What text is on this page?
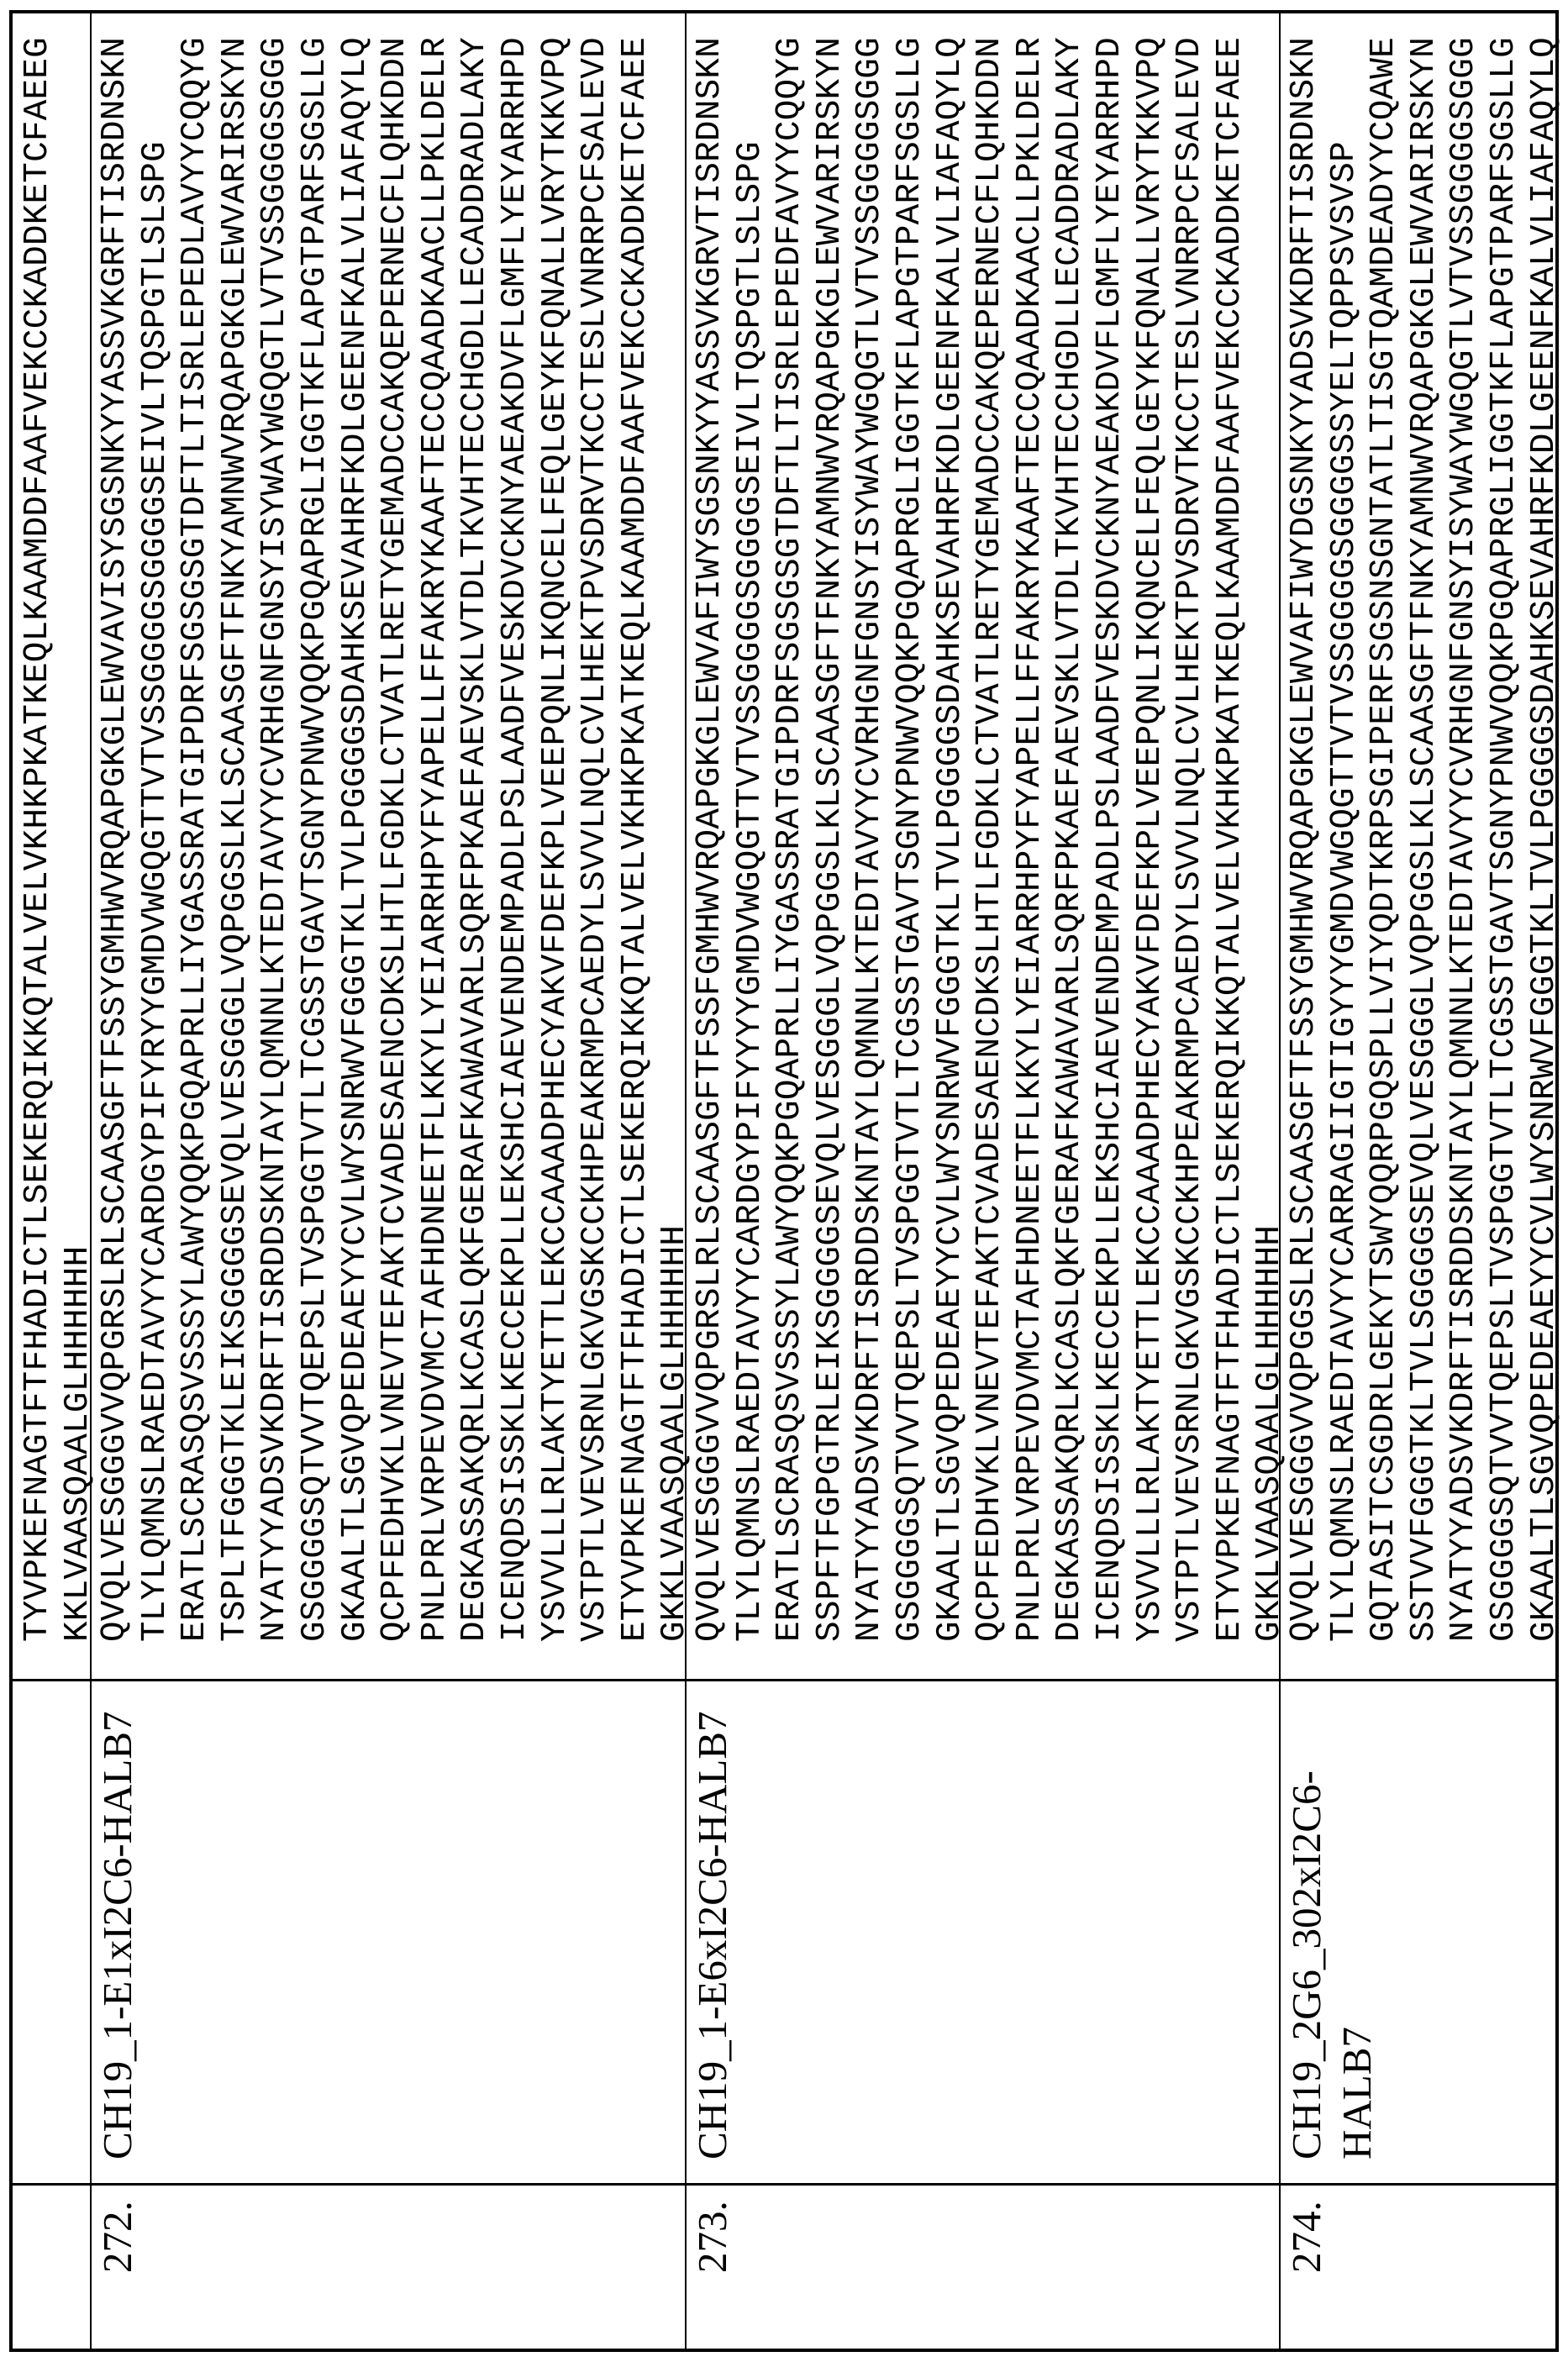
TYVPKEFNAGTFTFHADICTLSEKERQIKKQTALVELVKHKPKATKEQLKAAMDDFAAFVEKCCKADDKETCFAEEG KKLVAASQAALGLHHHHHH
272.
CH19_1-E1xI2C6-HALB7
QVQLVESGGGVVQPGRSLRLSCAASGFTFSSYGMHWVRQAPGKGLEWVAVISYSGSNKYYASSVKGRFTISRDNSKN TLYLQMNSLRAEDTAVYYCARDGYPIFYRYYGMDVWGQGTTVTVSSGGGGSGGGGSEIVLTQSPGTLSLSPG ERATLSCRASQSVSSSYLAWYQQKPGQAPRLLIYGASSRATGIPDRFSGSGSGTDFTLTISRLEPEDLAVYYCQQYG TSPLTFGGGTKLEIKSGGGGSEVQLVESGGGLVQPGGSLKLSCAASGFTFNKYAMNWVRQAPGKGLEWVARIRSKYN NYATYYADSVKDRFTISRDDSKNTAYLQMNNLKTEDTAVYYCVRHGNFGNSYISYWAYWGQGTLVTVSSGGGGSGGG GSGGGGSQTVVTQEPSLTVSPGGTVTLTCGSSTGAVTSGNYPNWVQQKPGQAPRGLIGGTKFLAPGTPARFSGSLLG GKAALTLSGVQPEDEAEYYCVLWYSNRWVFGGGTKLTVLPGGGGSDAHKSEVAHRFKDLGEENFKALVLIAFAQYLQ QCPFEDHVKLVNEVTEFAKTCVADESAENCDKSLHTLFGDKLCTVATLRETYGEMADCCAKQEPERNECFLQHKDDN PNLPRLVRPEVDVMCTAFHDNEETFLKKYLYEIARRHPYFYAPELLFFAKRYKAAFTECCQAADKAACLLPKLDELR DEGKASSAKQRLKCASLQKFGERAFKAWAVARLSQRFPKAEFAEVSKLVTDLTKVHTECCHGDLLECADDRADLAKY ICENQDSISSKLKECCEKPLLEKSHCIAEVENDEMPADLPSLAADFVESKDVCKNYAEAKDVFLGMFLYEYARRHPD YSVVLLLRLAKTYETTLEKCCAAADPHECYAKVFDEFKPLVEEPQNLIKQNCELFEQLGEYKFQNALLVRYTKKVPQ VSTPTLVEVSRNLGKVGSKCCKHPEAKRMPCAEDYLSVVLNQLCVLHEKTPVSDRVTKCCTESLVNRRPCFSALEVD ETYVPKEFNAGTFTFHADICTLSEKERQIKKQTALVELVKHKPKATKEQLKAAMDDFAAFVEKCCKADDKETCFAEE GKKLVAASQAALGLHHHHHH
273.
CH19_1-E6xI2C6-HALB7
QVQLVESGGGVVQPGRSLRLSCAASGFTFSSFGMHWVRQAPGKGLEWVAFIWYSGSNKYYASSVKGRVTISRDNSKN TLYLQMNSLRAEDTAVYYCARDGYPIFYYYYGMDVWGQGTTVTVSSGGGGSGGGGSEIVLTQSPGTLSLSPG ERATLSCRASQSVSSSYLAWYQQKPGQAPRLLIYGASSRATGIPDRFSGSGSGTDFTLTISRLEPEDFAVYYCQQYG SSPFTFGPGTRLEIKSGGGGSEVQLVESGGGLVQPGGSLKLSCAASGFTFNKYAMNWVRQAPGKGLEWVARIRSKYN NYATYYADSVKDRFTISRDDSKNTAYLQMNNLKTEDTAVYYCVRHGNFGNSYISYWAYWGQGTLVTVSSGGGGSGGG GSGGGGSQTVVTQEPSLTVSPGGTVTLTCGSSTGAVTSGNYPNWVQQKPGQAPRGLIGGTKFLAPGTPARFSGSLLG GKAALTLSGVQPEDEAEYYCVLWYSNRWVFGGGTKLTVLPGGGGSDAHKSEVAHRFKDLGEENFKALVLIAFAQYLQ QCPFEDHVKLVNEVTEFAKTCVADESAENCDKSLHTLFGDKLCTVATLRETYGEMADCCAKQEPERNECFLQHKDDN PNLPRLVRPEVDVMCTAFHDNEETFLKKYLYEIARRHPYFYAPELLFFAKRYKAAFTECCQAADKAACLLPKLDELR DEGKASSAKQRLKCASLQKFGERAFKAWAVARLSQRFPKAEFAEVSKLVTDLTKVHTECCHGDLLECADDRADLAKY ICENQDSISSKLKECCEKPLLEKSHCIAEVENDEMPADLPSLAADFVESKDVCKNYAEAKDVFLGMFLYEYARRHPD YSVVLLLRLAKTYETTLEKCCAAADPHECYAKVFDEFKPLVEEPQNLIKQNCELFEQLGEYKFQNALLVRYTKKVPQ VSTPTLVEVSRNLGKVGSKCCKHPEAKRMPCAEDYLSVVLNQLCVLHEKTPVSDRVTKCCTESLVNRRPCFSALEVD ETYVPKEFNAGTFTFHADICTLSEKERQIKKQTALVELVKHKPKATKEQLKAAMDDFAAFVEKCCKADDKETCFAEE GKKLVAASQAALGLHHHHHH
274.
CH19_2G6_302xI2C6- HALB7
QVQLVESGGGVVQPGGSLRLSCAASGFTFSSYGMHWVRQAPGKGLEWVAFIWYDGSNKYYADSVKDRFTISRDNSKN TLYLQMNSLRAEDTAVYYCARRAGIIGTIGYYYGMDVWGQGTTVTVSSGGGGSGGGGSSYELTQPPSVSVSP GQTASITCSGDRLGEKYTSWYQQRPGQSPLLVIYQDTKRPSGIPERFSGSNSGNTATLTISGTQAMDEADYYCQAWE SSTVVFGGGTKLTVLSGGGGSEVQLVESGGGLVQPGGSLKLSCAASGFTFNKYAMNWVRQAPGKGLEWVARIRSKYN NYATYYADSVKDRFTISRDDSKNTAYLQMNNLKTEDTAVYYCVRHGNFGNSYISYWAYWGQGTLVTVSSGGGGSGGG GSGGGGSQTVVTQEPSLTVSPGGTVTLTCGSSTGAVTSGNYPNWVQQKPGQAPRGLIGGTKFLAPGTPARFSGSLLG GKAALTLSGVQPEDEAEYYCVLWYSNRWVFGGGTKLTVLPGGGGSDAHKSEVAHRFKDLGEENFKALVLIAFAQYLQ
